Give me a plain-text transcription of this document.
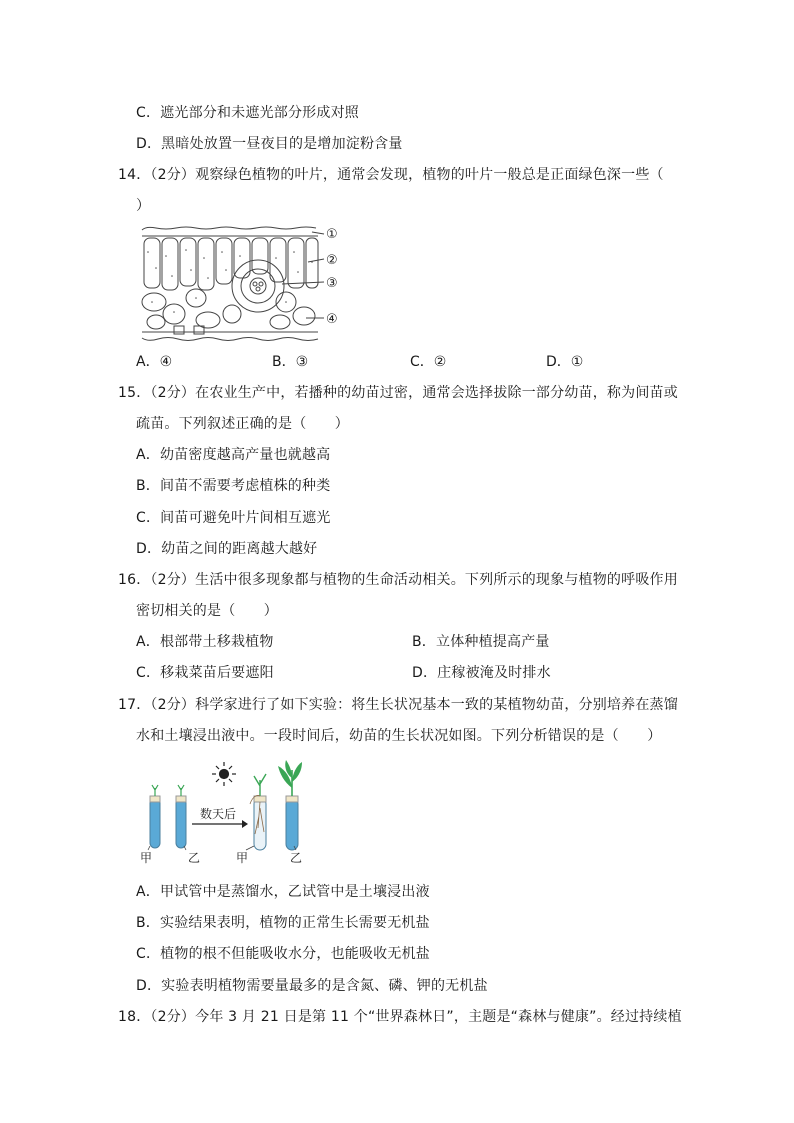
C．遮光部分和未遮光部分形成对照
D．黑暗处放置一昼夜目的是增加淀粉含量
14．（2分）观察绿色植物的叶片，通常会发现，植物的叶片一般总是正面绿色深一些（
）
①
②
③
④
A．④	B．③	C．②	D．①
15．（2分）在农业生产中，若播种的幼苗过密，通常会选择拔除一部分幼苗，称为间苗或
疏苗。下列叙述正确的是（　　）
A．幼苗密度越高产量也就越高
B．间苗不需要考虑植株的种类
C．间苗可避免叶片间相互遮光
D．幼苗之间的距离越大越好
16．（2分）生活中很多现象都与植物的生命活动相关。下列所示的现象与植物的呼吸作用
密切相关的是（　　）
A．根部带土移栽植物	B．立体种植提高产量
C．移栽菜苗后要遮阳	D．庄稼被淹及时排水
17．（2分）科学家进行了如下实验：将生长状况基本一致的某植物幼苗，分别培养在蒸馏
水和土壤浸出液中。一段时间后，幼苗的生长状况如图。下列分析错误的是（　　）
数天后
甲	乙	甲	乙
A．甲试管中是蒸馏水，乙试管中是土壤浸出液
B．实验结果表明，植物的正常生长需要无机盐
C．植物的根不但能吸收水分，也能吸收无机盐
D．实验表明植物需要量最多的是含氮、磷、钾的无机盐
18．（2分）今年 3 月 21 日是第 11 个“世界森林日”，主题是“森林与健康”。经过持续植
